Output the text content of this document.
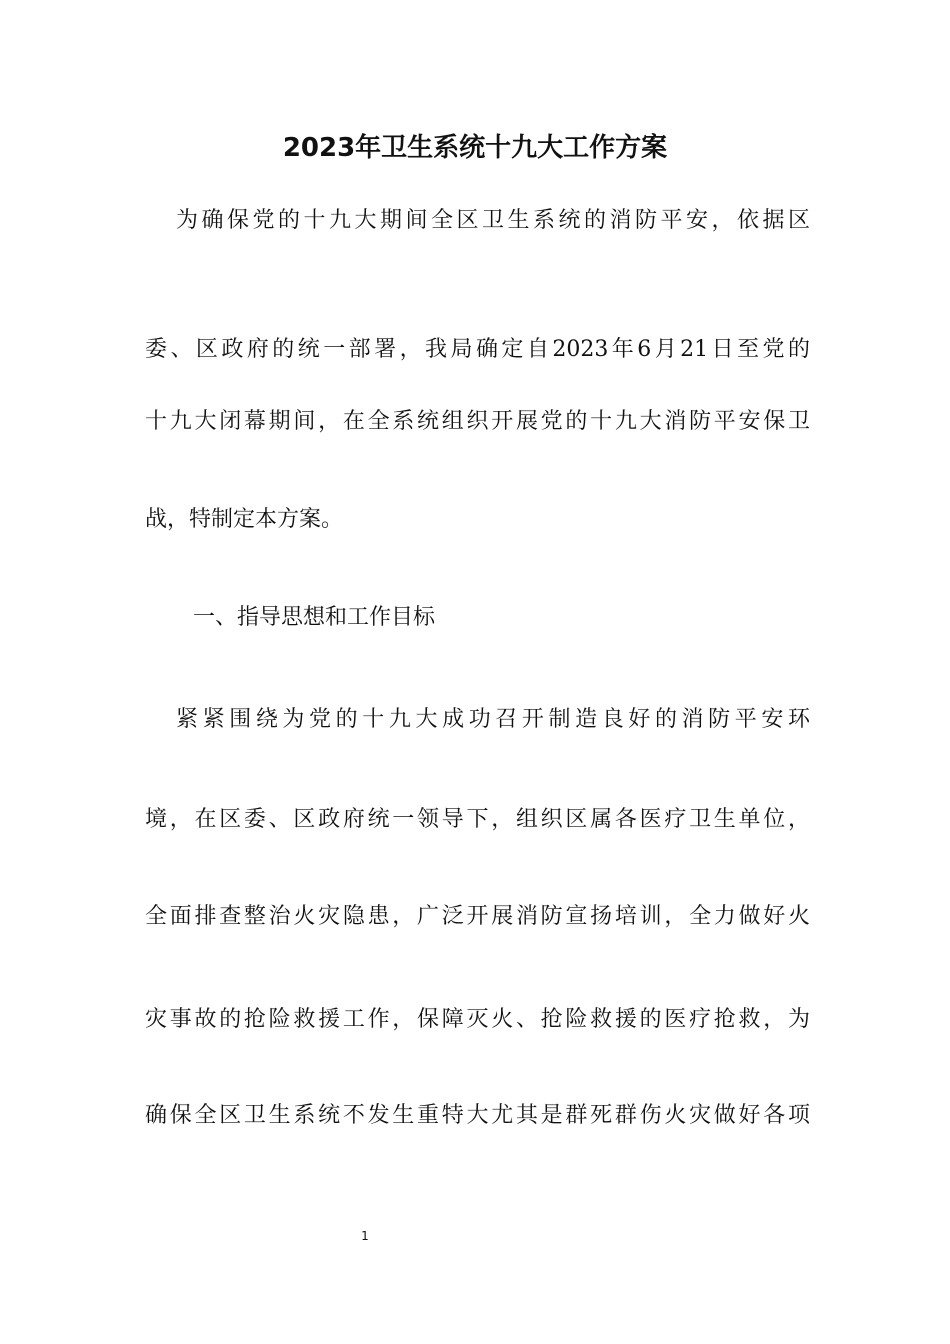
2023年卫生系统十九大工作方案
为确保党的十九大期间全区卫生系统的消防平安，依据区
委、区政府的统一部署，我局确定自2023年6月21日至党的
十九大闭幕期间，在全系统组织开展党的十九大消防平安保卫
战，特制定本方案。
一、指导思想和工作目标
紧紧围绕为党的十九大成功召开制造良好的消防平安环
境，在区委、区政府统一领导下，组织区属各医疗卫生单位，
全面排查整治火灾隐患，广泛开展消防宣扬培训，全力做好火
灾事故的抢险救援工作，保障灭火、抢险救援的医疗抢救，为
确保全区卫生系统不发生重特大尤其是群死群伤火灾做好各项
1
